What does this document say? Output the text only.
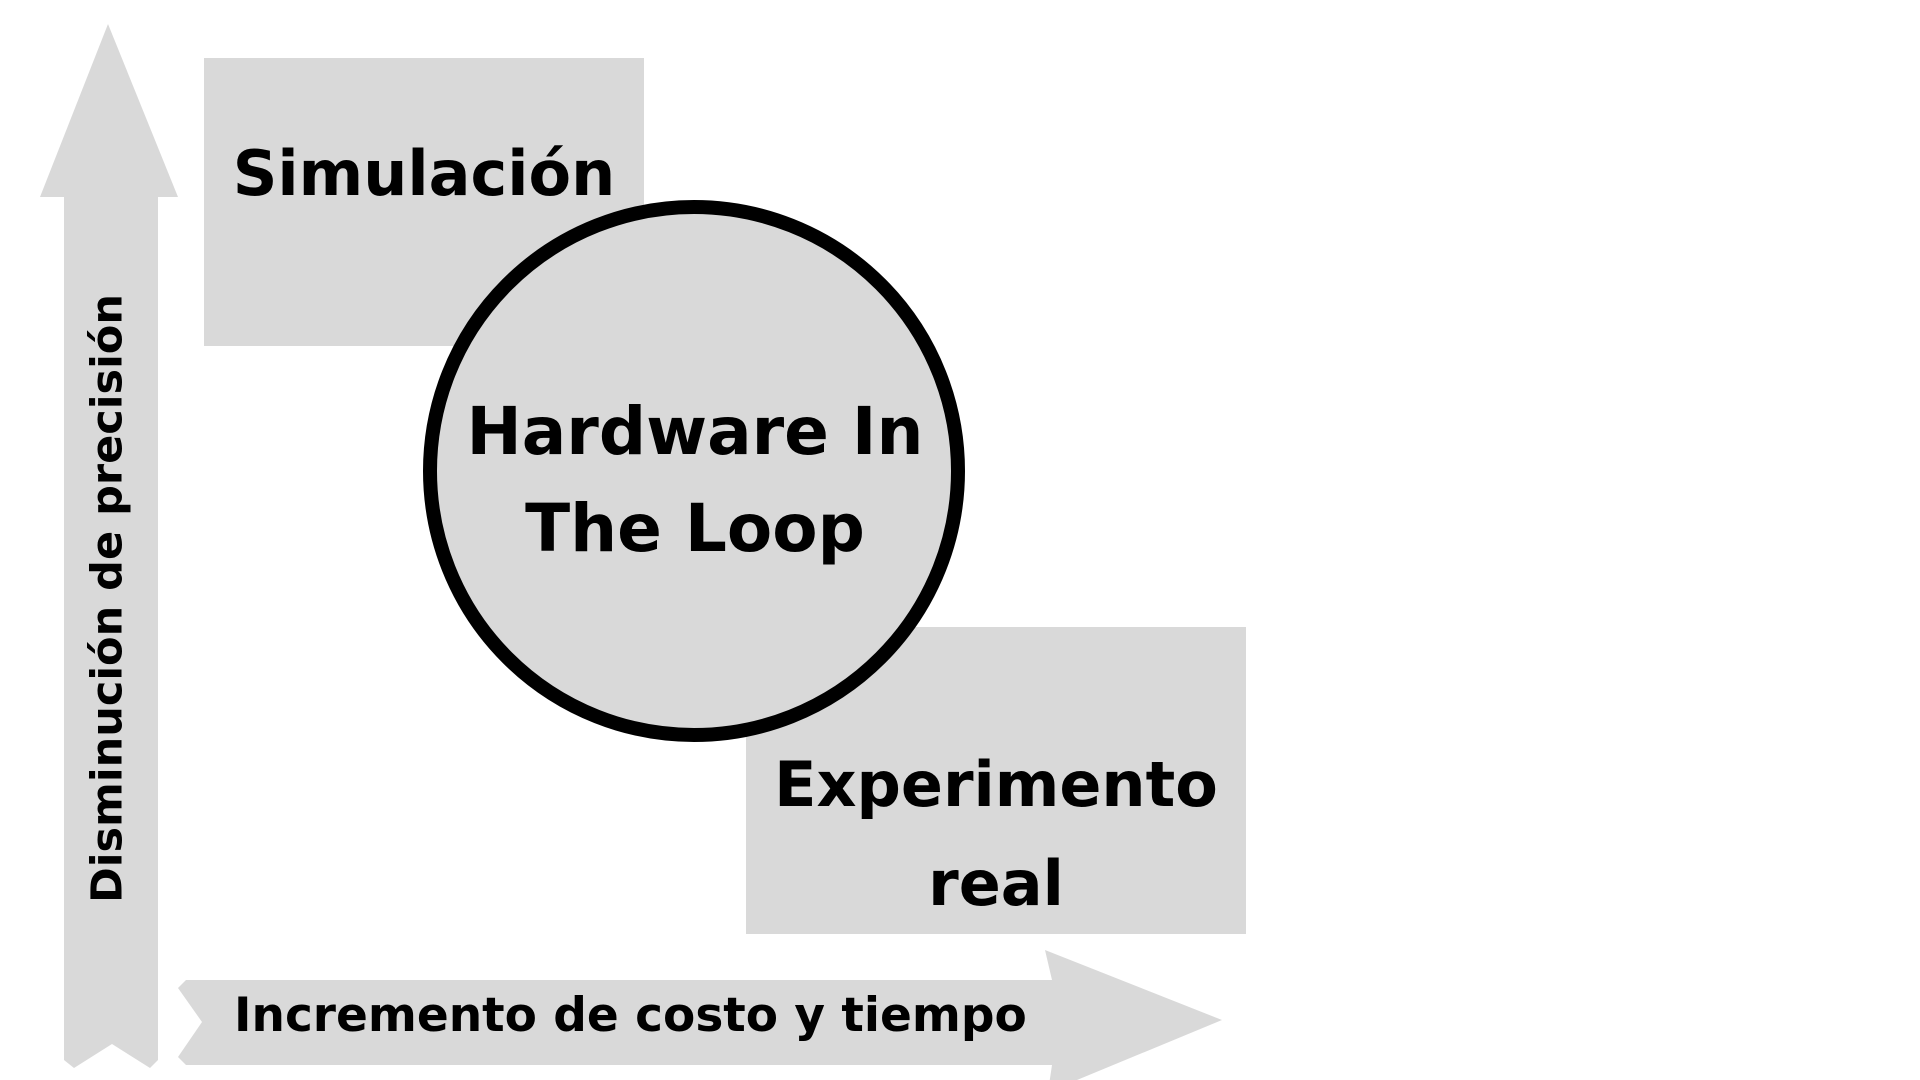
Simulación
Hardware In
The Loop
Experimento
real
Disminución de precisión
Incremento de costo y tiempo
